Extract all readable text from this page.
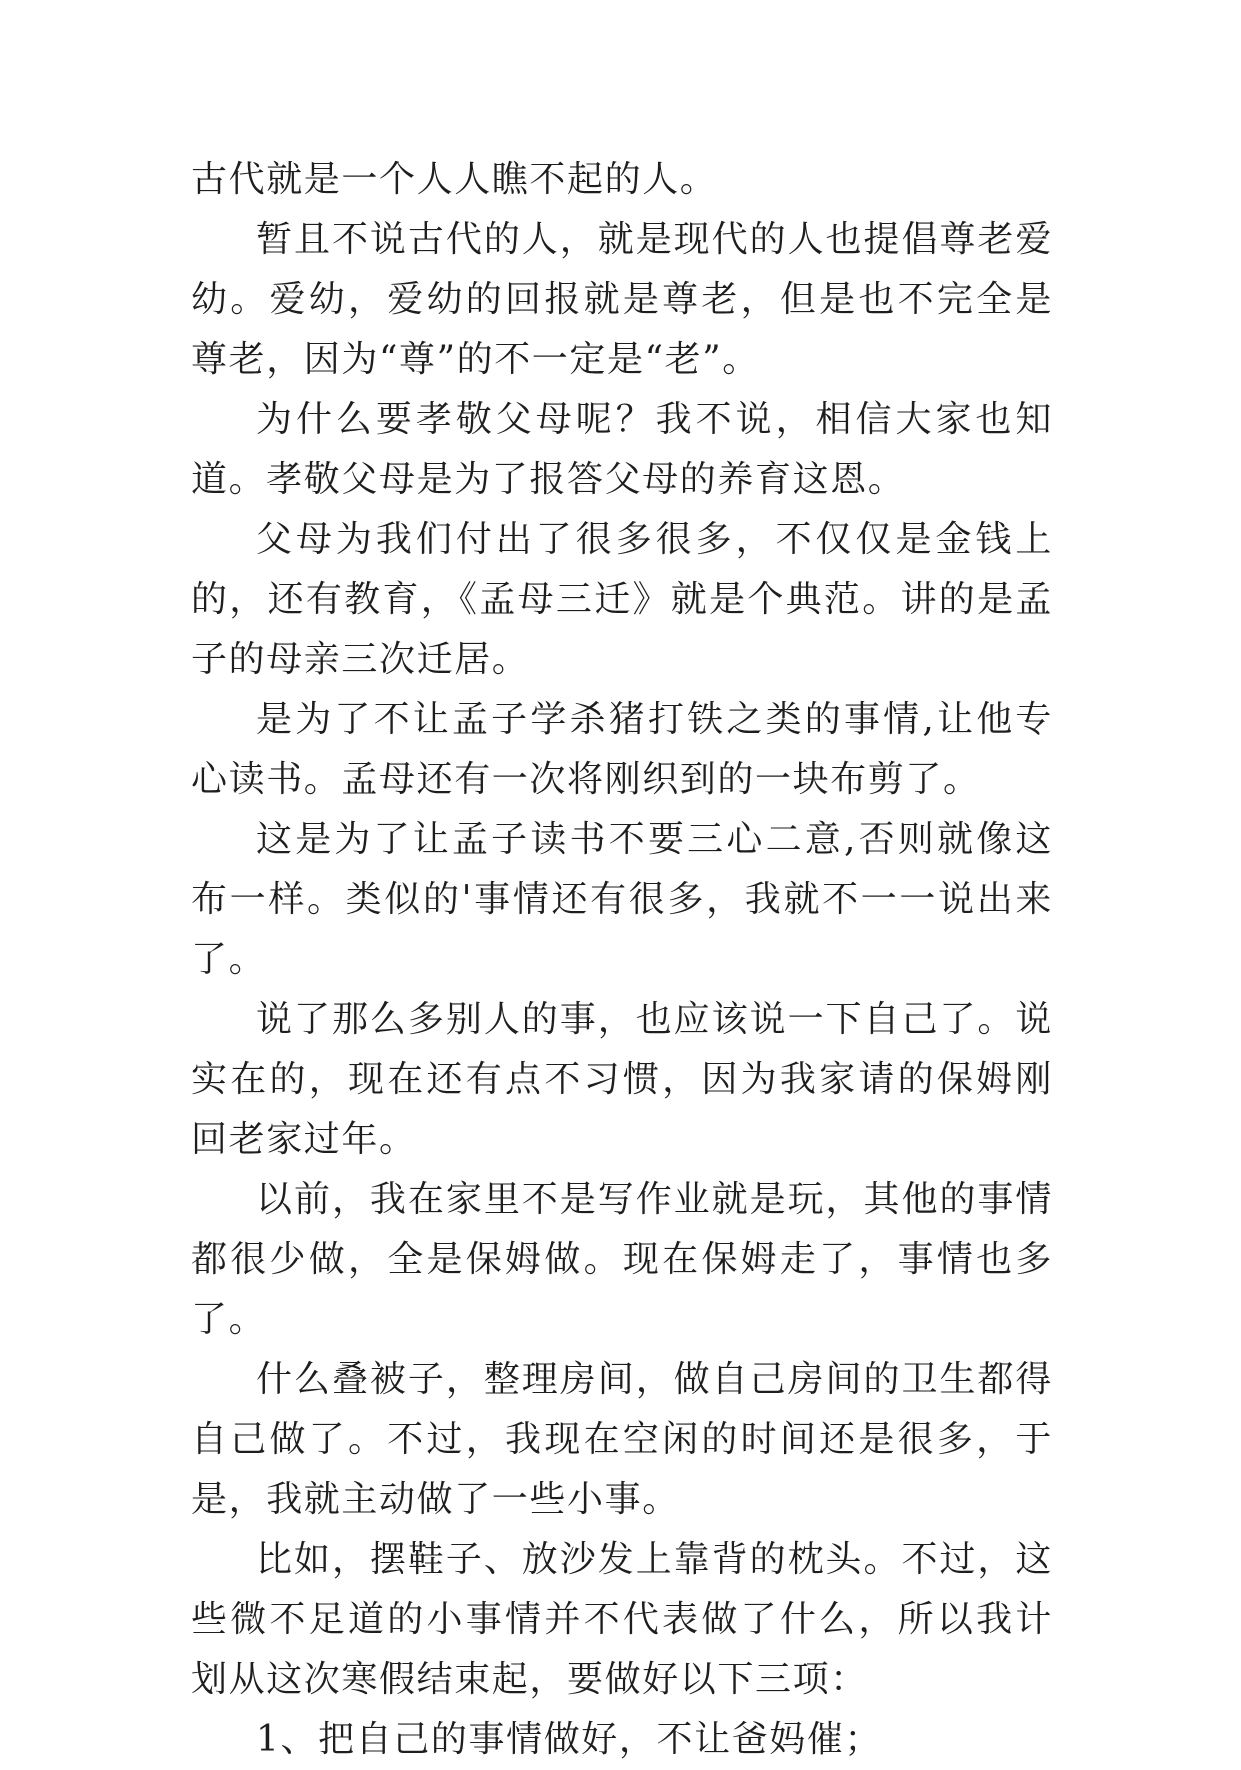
古代就是一个人人瞧不起的人。

暂且不说古代的人，就是现代的人也提倡尊老爱幼。爱幼，爱幼的回报就是尊老，但是也不完全是尊老，因为“尊”的不一定是“老”。

为什么要孝敬父母呢？我不说，相信大家也知道。孝敬父母是为了报答父母的养育这恩。

父母为我们付出了很多很多，不仅仅是金钱上的，还有教育，《孟母三迁》就是个典范。讲的是孟子的母亲三次迁居。

是为了不让孟子学杀猪打铁之类的事情,让他专心读书。孟母还有一次将刚织到的一块布剪了。

这是为了让孟子读书不要三心二意,否则就像这布一样。类似的'事情还有很多，我就不一一说出来了。

说了那么多别人的事，也应该说一下自己了。说实在的，现在还有点不习惯，因为我家请的保姆刚回老家过年。

以前，我在家里不是写作业就是玩，其他的事情都很少做，全是保姆做。现在保姆走了，事情也多了。

什么叠被子，整理房间，做自己房间的卫生都得自己做了。不过，我现在空闲的时间还是很多，于是，我就主动做了一些小事。

比如，摆鞋子、放沙发上靠背的枕头。不过，这些微不足道的小事情并不代表做了什么，所以我计划从这次寒假结束起，要做好以下三项：

1、把自己的事情做好，不让爸妈催；
